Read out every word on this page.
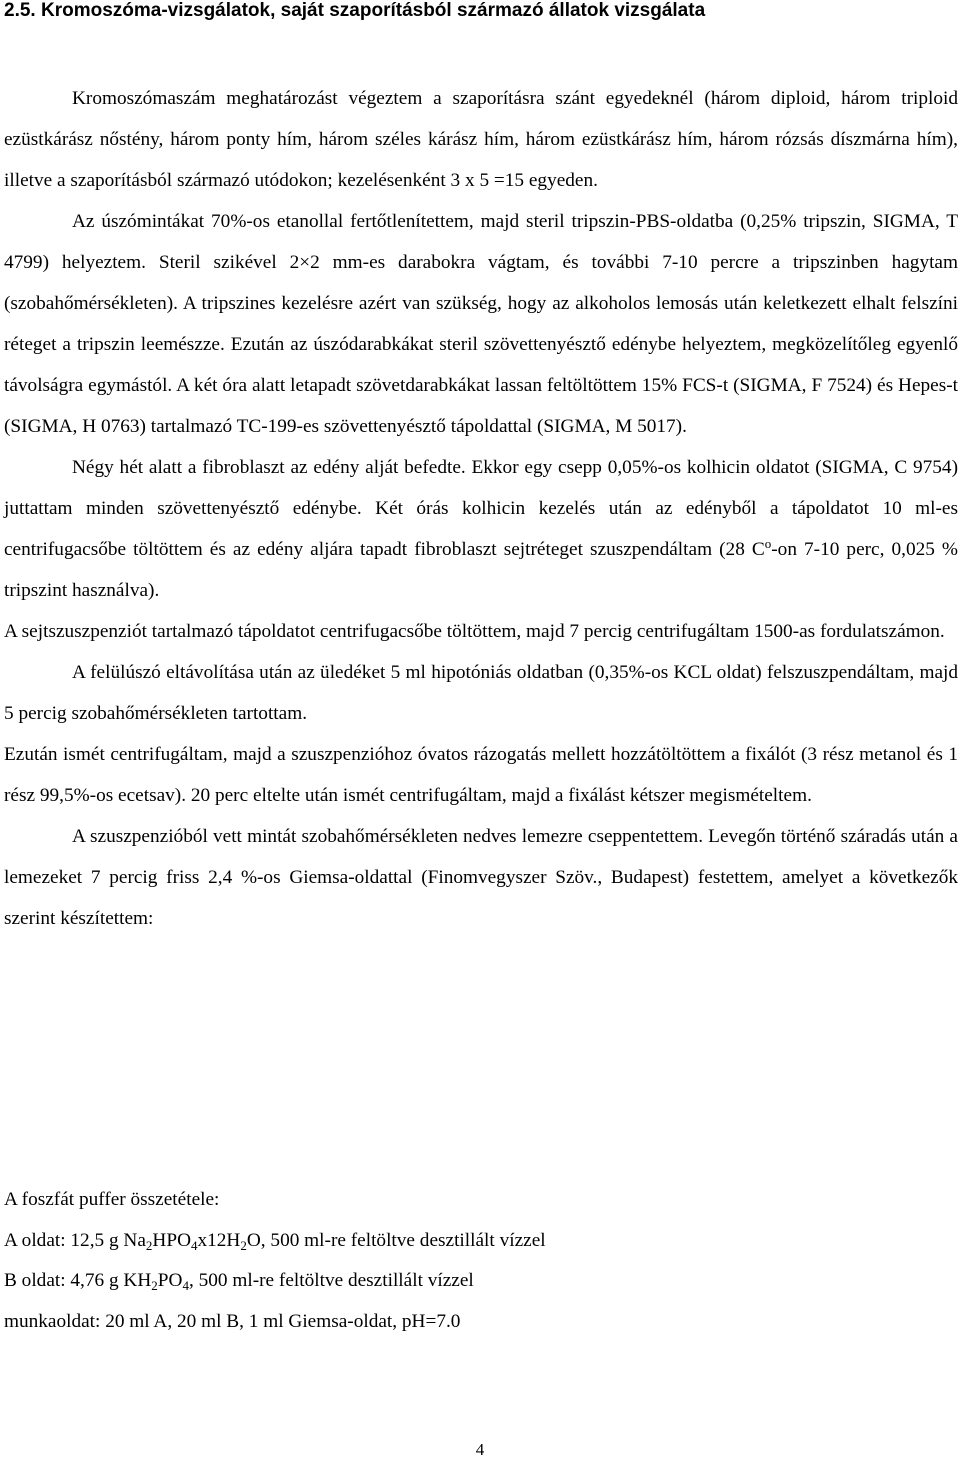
2.5. Kromoszóma-vizsgálatok, saját szaporításból származó állatok vizsgálata

Kromoszómaszám meghatározást végeztem a szaporításra szánt egyedeknél (három diploid, három triploid ezüstkárász nőstény, három ponty hím, három széles kárász hím, három ezüstkárász hím, három rózsás díszmárna hím), illetve a szaporításból származó utódokon; kezelésenként 3 x 5 =15 egyeden.

Az úszómintákat 70%-os etanollal fertőtlenítettem, majd steril tripszin-PBS-oldatba (0,25% tripszin, SIGMA, T 4799) helyeztem. Steril szikével 2×2 mm-es darabokra vágtam, és további 7-10 percre a tripszinben hagytam (szobahőmérsékleten). A tripszines kezelésre azért van szükség, hogy az alkoholos lemosás után keletkezett elhalt felszíni réteget a tripszin leemészze. Ezután az úszódarabkákat steril szövettenyésztő edénybe helyeztem, megközelítőleg egyenlő távolságra egymástól. A két óra alatt letapadt szövetdarabkákat lassan feltöltöttem 15% FCS-t (SIGMA, F 7524) és Hepes-t (SIGMA, H 0763) tartalmazó TC-199-es szövettenyésztő tápoldattal (SIGMA, M 5017).

Négy hét alatt a fibroblaszt az edény alját befedte. Ekkor egy csepp 0,05%-os kolhicin oldatot (SIGMA, C 9754) juttattam minden szövettenyésztő edénybe. Két órás kolhicin kezelés után az edényből a tápoldatot 10 ml-es centrifugacsőbe töltöttem és az edény aljára tapadt fibroblaszt sejtréteget szuszpendáltam (28 $C^o-on$ 7-10 perc, 0,025 % tripszint használva).

A sejtszuszpenziót tartalmazó tápoldatot centrifugacsőbe töltöttem, majd 7 percig centrifugáltam 1500-as fordulatszámon.

A felülúszó eltávolítása után az üledéket 5 ml hipotóniás oldatban (0,35%-os KCL oldat) felszuszpendáltam, majd 5 percig szobahőmérsékleten tartottam.

Ezután ismét centrifugáltam, majd a szuszpenzióhoz óvatos rázogatás mellett hozzátöltöttem a fixálót (3 rész metanol és 1 rész 99,5%-os ecetsav). 20 perc eltelte után ismét centrifugáltam, majd a fixálást kétszer megismételtem.

A szuszpenzióból vett mintát szobahőmérsékleten nedves lemezre cseppentettem. Levegőn történő száradás után a lemezeket 7 percig friss 2,4 %-os Giemsa-oldattal (Finomvegyszer Szöv., Budapest) festettem, amelyet a következők szerint készítettem:

A foszfát puffer összetétele:

A oldat: 12,5 g $Na_2HPO_4x12H_2O$, 500 ml-re feltöltve desztillált vízzel

B oldat: 4,76 g $KH_2PO_4$, 500 ml-re feltöltve desztillált vízzel

munkaoldat: 20 ml A, 20 ml B, 1 ml Giemsa-oldat, pH=7.0

4
